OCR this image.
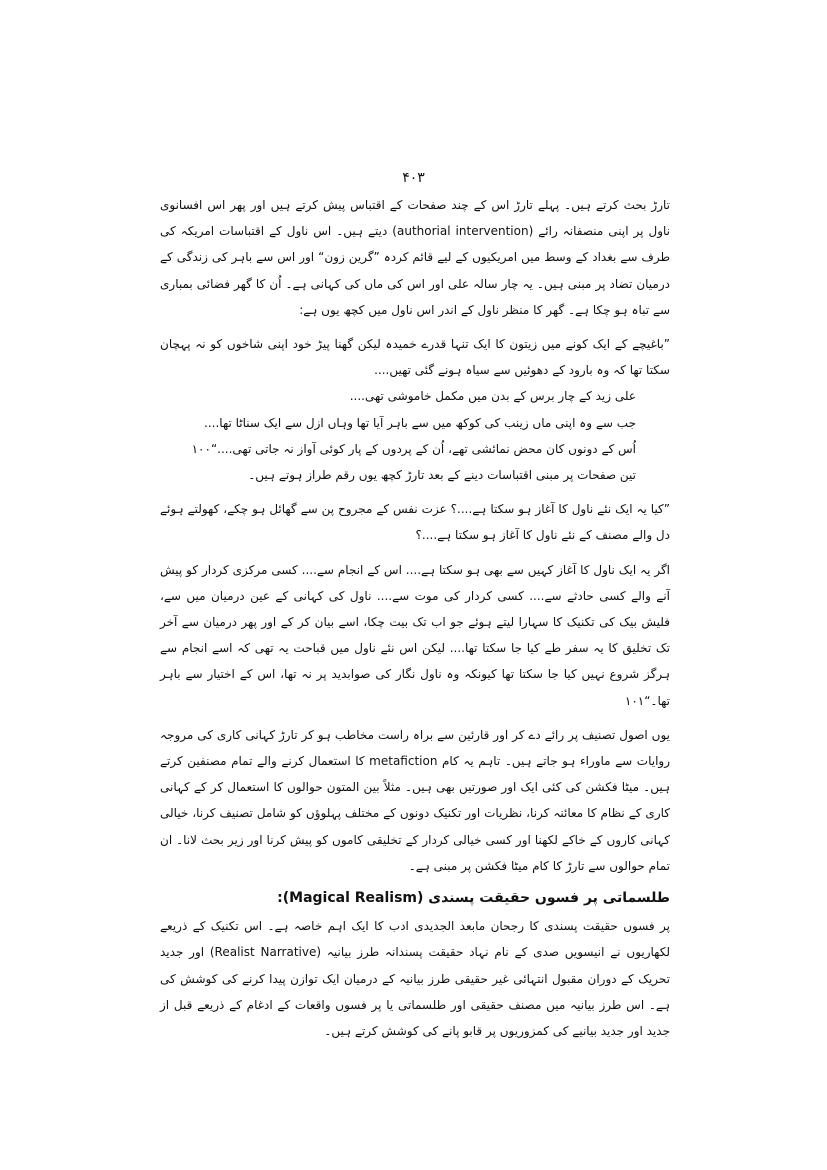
۴۰۳

تارڑ بحث کرتے ہیں۔ پہلے تارڑ اس کے چند صفحات کے اقتباس پیش کرتے ہیں اور پھر اس افسانوی ناول پر اپنی منصفانہ رائے (authorial intervention) دیتے ہیں۔ اس ناول کے اقتباسات امریکہ کی طرف سے بغداد کے وسط میں امریکیوں کے لیے قائم کردہ ”گرین زون“ اور اس سے باہر کی زندگی کے درمیان تضاد پر مبنی ہیں۔ یہ چار سالہ علی اور اس کی ماں کی کہانی ہے۔ اُن کا گھر فضائی بمباری سے تباہ ہو چکا ہے۔ گھر کا منظر ناول کے اندر اس ناول میں کچھ یوں ہے:

”باغیچے کے ایک کونے میں زیتون کا ایک تنہا قدرے خمیدہ لیکن گھنا پیڑ خود اپنی شاخوں کو نہ پہچان سکتا تھا کہ وہ بارود کے دھوئیں سے سیاہ ہونے گئی تھیں....

علی زید کے چار برس کے بدن میں مکمل خاموشی تھی....

جب سے وہ اپنی ماں زینب کی کوکھ میں سے باہر آیا تھا وہاں ازل سے ایک سناٹا تھا....

اُس کے دونوں کان محض نمائشی تھے، اُن کے پردوں کے پار کوئی آواز نہ جاتی تھی....“١٠٠

تین صفحات پر مبنی اقتباسات دینے کے بعد تارڑ کچھ یوں رقم طراز ہوتے ہیں۔

”کیا یہ ایک نئے ناول کا آغاز ہو سکتا ہے....؟ عزت نفس کے مجروح پن سے گھائل ہو چکے، کھولتے ہوئے دل والے مصنف کے نئے ناول کا آغاز ہو سکتا ہے....؟

اگر یہ ایک ناول کا آغاز کہیں سے بھی ہو سکتا ہے.... اس کے انجام سے.... کسی مرکزی کردار کو پیش آنے والے کسی حادثے سے.... کسی کردار کی موت سے.... ناول کی کہانی کے عین درمیان میں سے، فلیش بیک کی تکنیک کا سہارا لیتے ہوئے جو اب تک بیت چکا، اسے بیان کر کے اور پھر درمیان سے آخر تک تخلیق کا یہ سفر طے کیا جا سکتا تھا.... لیکن اس نئے ناول میں قباحت یہ تھی کہ اسے انجام سے ہرگز شروع نہیں کیا جا سکتا تھا کیونکہ وہ ناول نگار کی صوابدید پر نہ تھا، اس کے اختیار سے باہر تھا۔“١٠١

یوں اصول تصنیف پر رائے دے کر اور قارئین سے براہ راست مخاطب ہو کر تارڑ کہانی کاری کی مروجہ روایات سے ماوراء ہو جاتے ہیں۔ تاہم یہ کام metafiction کا استعمال کرنے والے تمام مصنفین کرتے ہیں۔ میٹا فکشن کی کئی ایک اور صورتیں بھی ہیں۔ مثلاً بین المتون حوالوں کا استعمال کر کے کہانی کاری کے نظام کا معائنہ کرنا، نظریات اور تکنیک دونوں کے مختلف پہلوؤں کو شامل تصنیف کرنا، خیالی کہانی کاروں کے خاکے لکھنا اور کسی خیالی کردار کے تخلیقی کاموں کو پیش کرنا اور زیر بحث لانا۔ ان تمام حوالوں سے تارڑ کا کام میٹا فکشن پر مبنی ہے۔

طلسماتی پر فسوں حقیقت پسندی (Magical Realism):

پر فسوں حقیقت پسندی کا رجحان مابعد الجدیدی ادب کا ایک اہم خاصہ ہے۔ اس تکنیک کے ذریعے لکھاریوں نے انیسویں صدی کے نام نہاد حقیقت پسندانہ طرز بیانیہ (Realist Narrative) اور جدید تحریک کے دوران مقبول انتہائی غیر حقیقی طرز بیانیہ کے درمیان ایک توازن پیدا کرنے کی کوشش کی ہے۔ اس طرز بیانیہ میں مصنف حقیقی اور طلسماتی یا پر فسوں واقعات کے ادغام کے ذریعے قبل از جدید اور جدید بیانیے کی کمزوریوں پر قابو پانے کی کوشش کرتے ہیں۔
